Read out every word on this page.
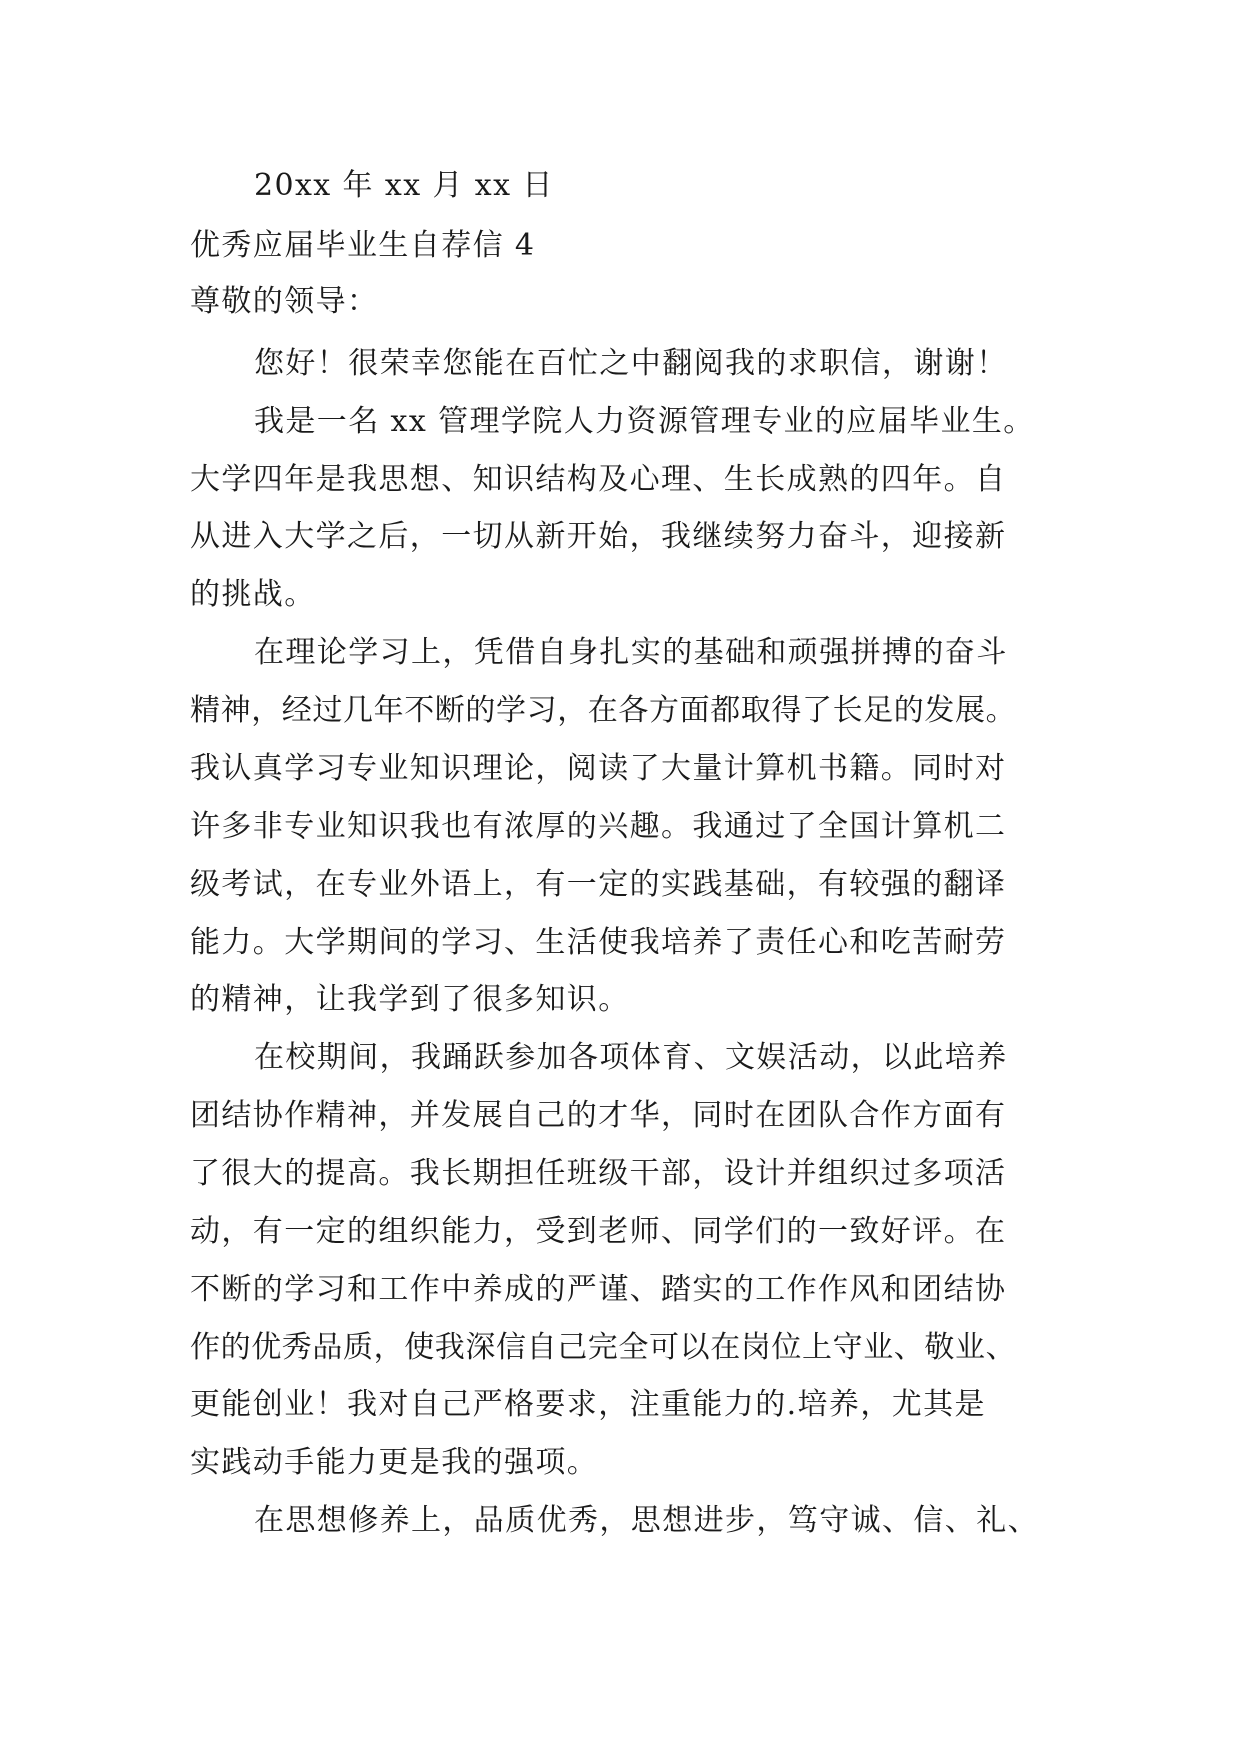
20xx 年 xx 月 xx 日
优秀应届毕业生自荐信 4
尊敬的领导：
您好！很荣幸您能在百忙之中翻阅我的求职信，谢谢！
我是一名 xx 管理学院人力资源管理专业的应届毕业生。
大学四年是我思想、知识结构及心理、生长成熟的四年。自
从进入大学之后，一切从新开始，我继续努力奋斗，迎接新
的挑战。
在理论学习上，凭借自身扎实的基础和顽强拼搏的奋斗
精神，经过几年不断的学习，在各方面都取得了长足的发展。
我认真学习专业知识理论，阅读了大量计算机书籍。同时对
许多非专业知识我也有浓厚的兴趣。我通过了全国计算机二
级考试，在专业外语上，有一定的实践基础，有较强的翻译
能力。大学期间的学习、生活使我培养了责任心和吃苦耐劳
的精神，让我学到了很多知识。
在校期间，我踊跃参加各项体育、文娱活动，以此培养
团结协作精神，并发展自己的才华，同时在团队合作方面有
了很大的提高。我长期担任班级干部，设计并组织过多项活
动，有一定的组织能力，受到老师、同学们的一致好评。在
不断的学习和工作中养成的严谨、踏实的工作作风和团结协
作的优秀品质，使我深信自己完全可以在岗位上守业、敬业、
更能创业！我对自己严格要求，注重能力的.培养，尤其是
实践动手能力更是我的强项。
在思想修养上，品质优秀，思想进步，笃守诚、信、礼、
